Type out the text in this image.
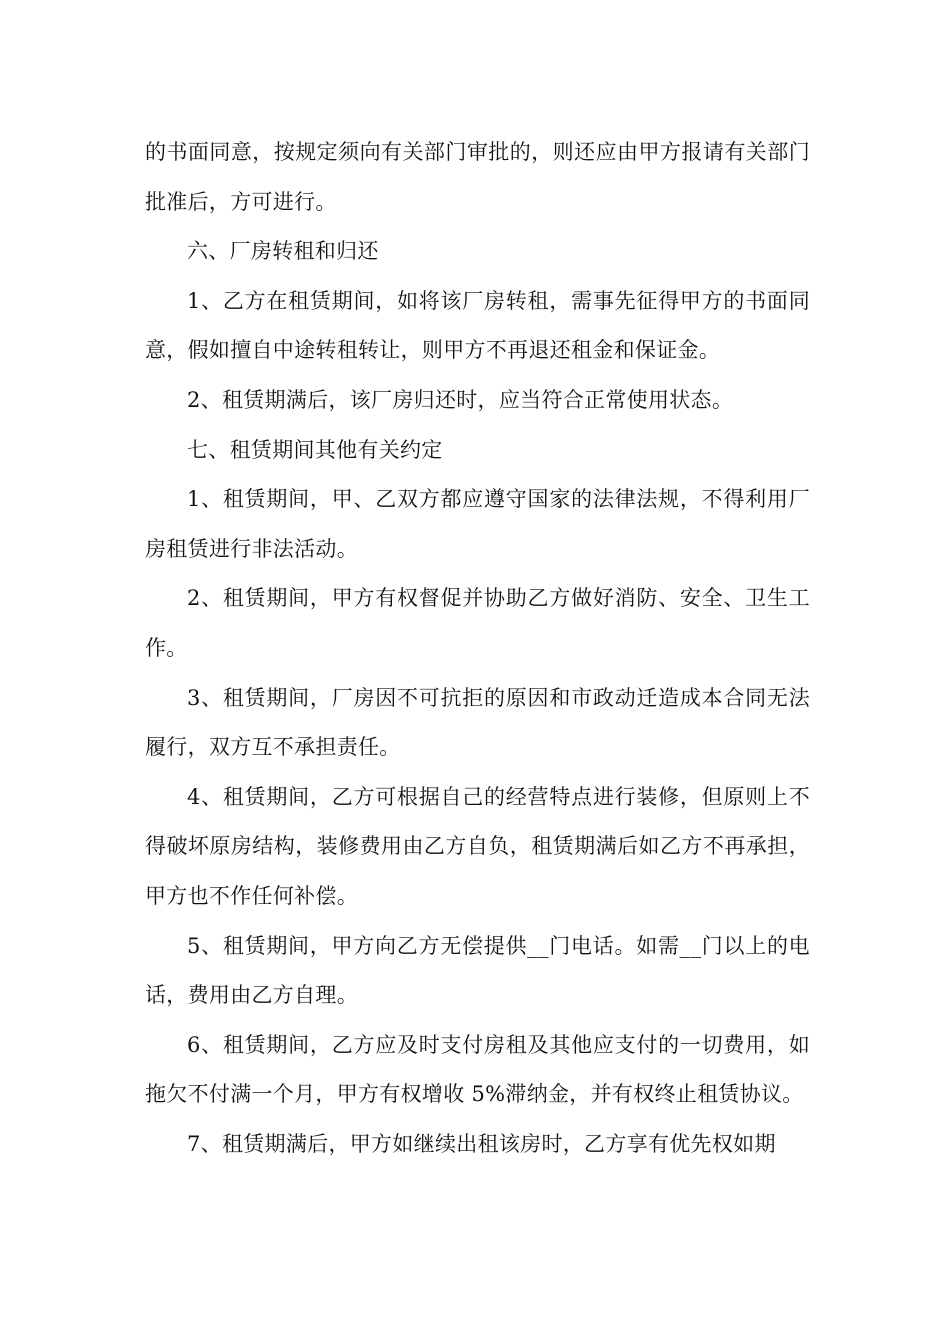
的书面同意，按规定须向有关部门审批的，则还应由甲方报请有关部门批准后，方可进行。

六、厂房转租和归还

1、乙方在租赁期间，如将该厂房转租，需事先征得甲方的书面同意，假如擅自中途转租转让，则甲方不再退还租金和保证金。

2、租赁期满后，该厂房归还时，应当符合正常使用状态。

七、租赁期间其他有关约定

1、租赁期间，甲、乙双方都应遵守国家的法律法规，不得利用厂房租赁进行非法活动。

2、租赁期间，甲方有权督促并协助乙方做好消防、安全、卫生工作。

3、租赁期间，厂房因不可抗拒的原因和市政动迁造成本合同无法履行，双方互不承担责任。

4、租赁期间，乙方可根据自己的经营特点进行装修，但原则上不得破坏原房结构，装修费用由乙方自负，租赁期满后如乙方不再承担，甲方也不作任何补偿。

5、租赁期间，甲方向乙方无偿提供__门电话。如需__门以上的电话，费用由乙方自理。

6、租赁期间，乙方应及时支付房租及其他应支付的一切费用，如拖欠不付满一个月，甲方有权增收 5%滞纳金，并有权终止租赁协议。

7、租赁期满后，甲方如继续出租该房时，乙方享有优先权如期
